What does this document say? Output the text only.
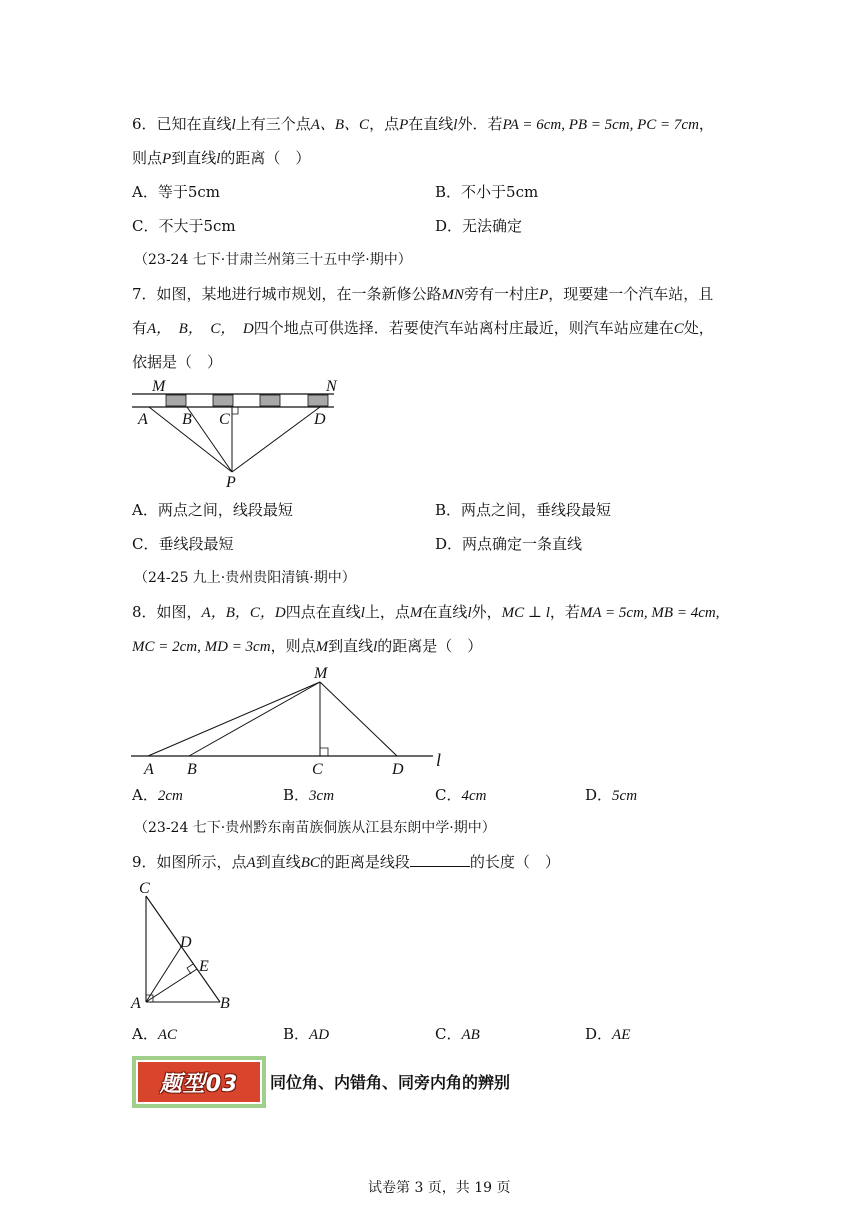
6．已知在直线l上有三个点A、B、C，点P在直线l外．若PA = 6cm, PB = 5cm, PC = 7cm，
则点P到直线l的距离（　）
A．等于5cm	B．不小于5cm
C．不大于5cm	D．无法确定
（23-24 七下·甘肃兰州第三十五中学·期中）
7．如图，某地进行城市规划，在一条新修公路MN旁有一村庄P，现要建一个汽车站，且
有A，　B，　C，　D四个地点可供选择．若要使汽车站离村庄最近，则汽车站应建在C处，
依据是（　）
M	N
A B C	D
P
A．两点之间，线段最短	B．两点之间，垂线段最短
C．垂线段最短	D．两点确定一条直线
（24-25 九上·贵州贵阳清镇·期中）
8．如图，A，B，C，D四点在直线l上，点M在直线l外，MC ⊥ l，若MA = 5cm, MB = 4cm,
MC = 2cm, MD = 3cm，则点M到直线l的距离是（　）
M
A B	C	D l
A．2cm	B．3cm	C．4cm	D．5cm
（23-24 七下·贵州黔东南苗族侗族从江县东朗中学·期中）
9．如图所示，点A到直线BC的距离是线段	的长度（　）
C
D
E
A	B
A．AC	B．AD	C．AB	D．AE
题型03 同位角、内错角、同旁内角的辨别
试卷第 3 页，共 19 页
